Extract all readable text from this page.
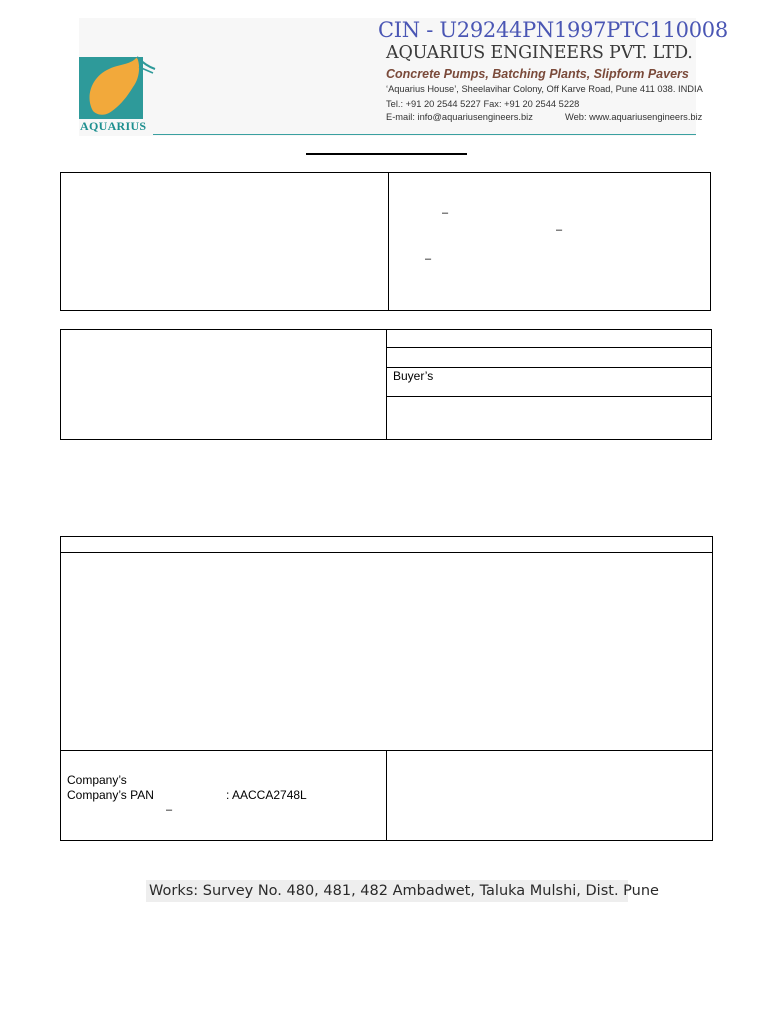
AQUARIUS
CIN - U29244PN1997PTC110008
AQUARIUS ENGINEERS PVT. LTD.
Concrete Pumps, Batching Plants, Slipform Pavers
‘Aquarius House’, Sheelavihar Colony, Off Karve Road, Pune 411 038. INDIA
Tel.: +91 20 2544 5227 Fax: +91 20 2544 5228
E-mail: info@aquariusengineers.biz	Web: www.aquariusengineers.biz
–
–
–
Buyer’s
Company’s
Company’s PAN	: AACCA2748L
–
Works: Survey No. 480, 481, 482 Ambadwet, Taluka Mulshi, Dist. Pune
